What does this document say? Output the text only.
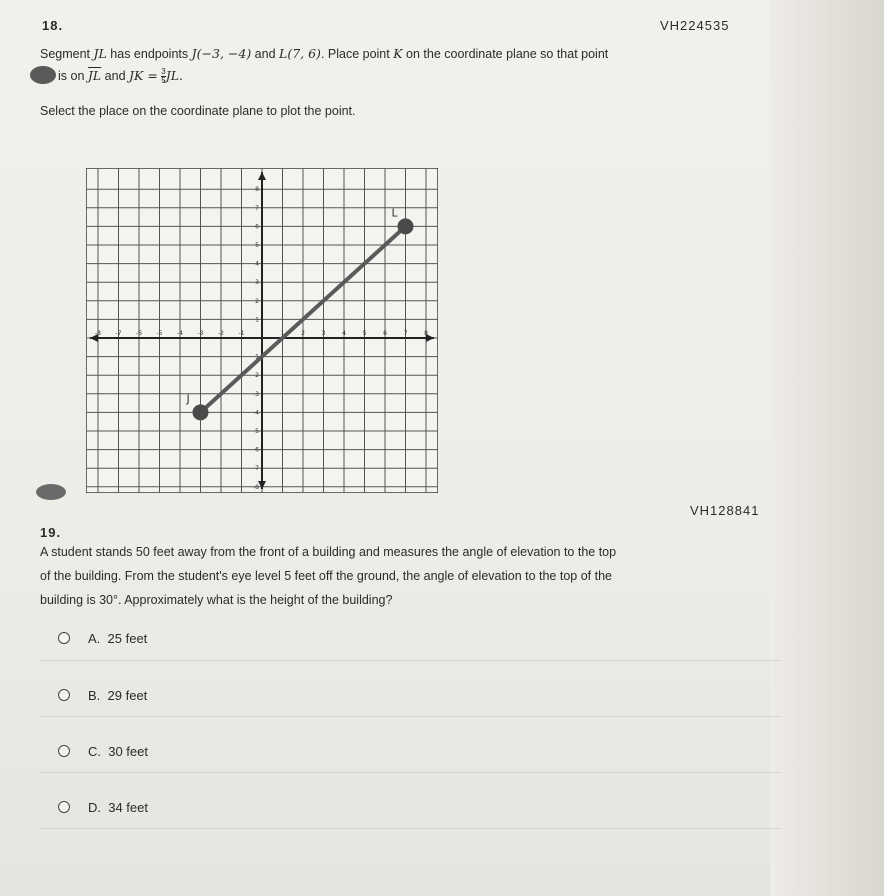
18.	VH224535
Segment JL has endpoints J(−3, −4) and L(7, 6). Place point K on the coordinate plane so that point
is on $\overline{JL}$ and JK = $\frac{3}{5}$ JL.
Select the place on the coordinate plane to plot the point.
-8 -7 -6 -5 -4 -3 -2 -1	1	2	3	4	5	6	7	8
8
7
6
5
4
3
2
1
-1
-2
-3
-4
-5
-6
-7
-8
J
L
19.
VH128841
A student stands 50 feet away from the front of a building and measures the angle of elevation to the top
of the building. From the student's eye level 5 feet off the ground, the angle of elevation to the top of the
building is 30°. Approximately what is the height of the building?
A. 25 feet
B. 29 feet
C. 30 feet
D. 34 feet
